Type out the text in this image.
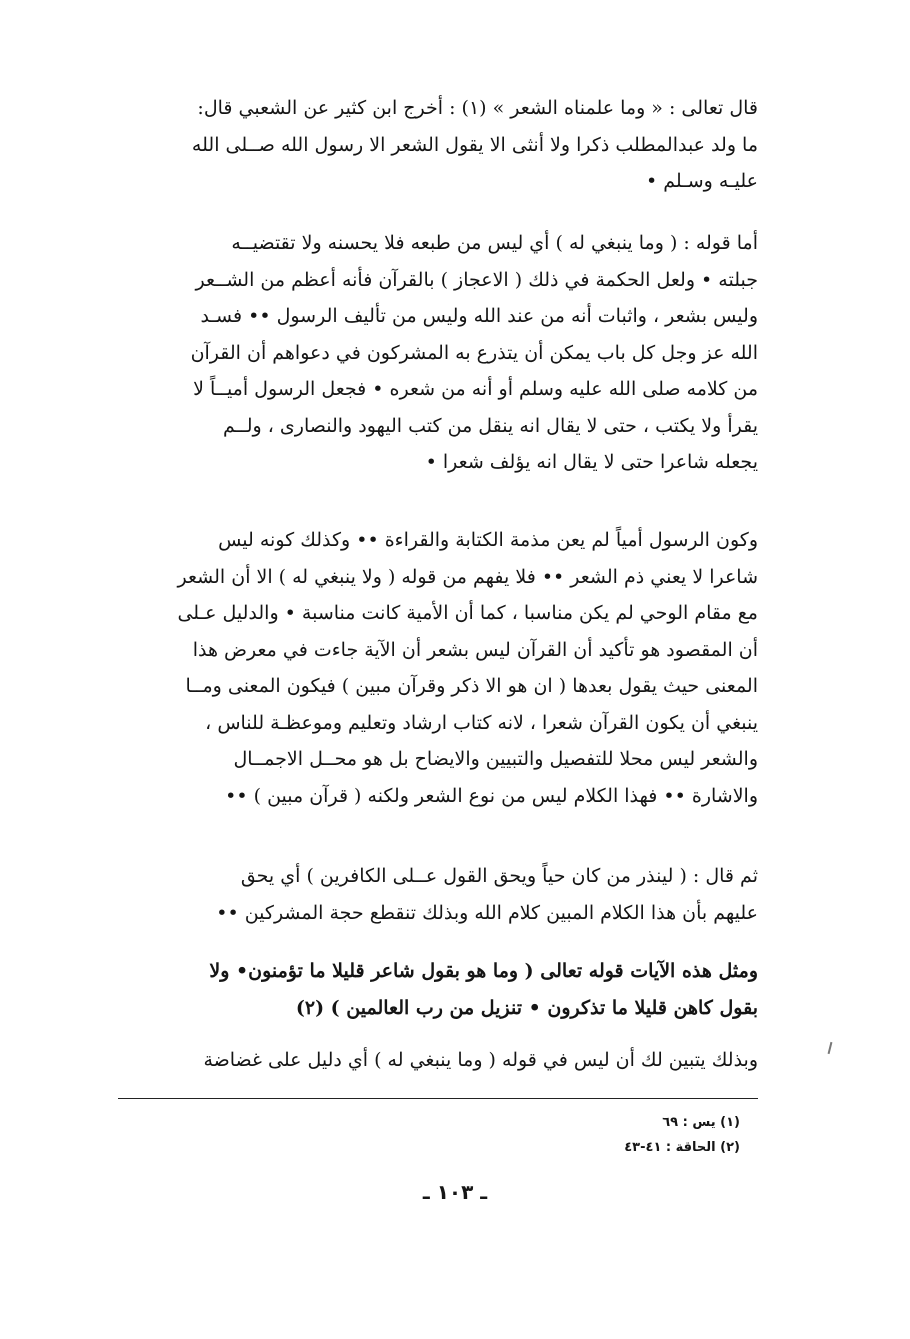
قال تعالى : « وما علمناه الشعر » (١) : أخرج ابن كثير عن الشعبي قال:
ما ولد عبدالمطلب ذكرا ولا أنثى الا يقول الشعر الا رسول الله صــلى الله
عليـه وسـلم •
أما قوله : ( وما ينبغي له ) أي ليس من طبعه فلا يحسنه ولا تقتضيــه
جبلته • ولعل الحكمة في ذلك ( الاعجاز ) بالقرآن فأنه أعظم من الشــعر
وليس بشعر ، واثبات أنه من عند الله وليس من تأليف الرسول •• فسـد
الله عز وجل كل باب يمكن أن يتذرع به المشركون في دعواهم أن القرآن
من كلامه صلى الله عليه وسلم أو أنه من شعره • فجعل الرسول أميــاً لا
يقرأ ولا يكتب ، حتى لا يقال انه ينقل من كتب اليهود والنصارى ، ولــم
يجعله شاعرا حتى لا يقال انه يؤلف شعرا •
وكون الرسول أمياً لم يعن مذمة الكتابة والقراءة •• وكذلك كونه ليس
شاعرا لا يعني ذم الشعر •• فلا يفهم من قوله ( ولا ينبغي له ) الا أن الشعر
مع مقام الوحي لم يكن مناسبا ، كما أن الأمية كانت مناسبة • والدليل عـلى
أن المقصود هو تأكيد أن القرآن ليس بشعر أن الآية جاءت في معرض هذا
المعنى حيث يقول بعدها ( ان هو الا ذكر وقرآن مبين ) فيكون المعنى ومــا
ينبغي أن يكون القرآن شعرا ، لانه كتاب ارشاد وتعليم وموعظـة للناس ،
والشعر ليس محلا للتفصيل والتبيين والايضاح بل هو محــل الاجمــال
والاشارة •• فهذا الكلام ليس من نوع الشعر ولكنه ( قرآن مبين ) ••
ثم قال : ( لينذر من كان حياً ويحق القول عــلى الكافرين ) أي يحق
عليهم بأن هذا الكلام المبين كلام الله وبذلك تنقطع حجة المشركين ••
ومثل هذه الآيات قوله تعالى ( وما هو بقول شاعر قليلا ما تؤمنون• ولا
بقول كاهن قليلا ما تذكرون • تنزيل من رب العالمين ) (٢)
وبذلك يتبين لك أن ليس في قوله ( وما ينبغي له ) أي دليل على غضاضة
(١) يس : ٦٩
(٢) الحاقة : ٤١-٤٣
ـ ١٠٣ ـ
